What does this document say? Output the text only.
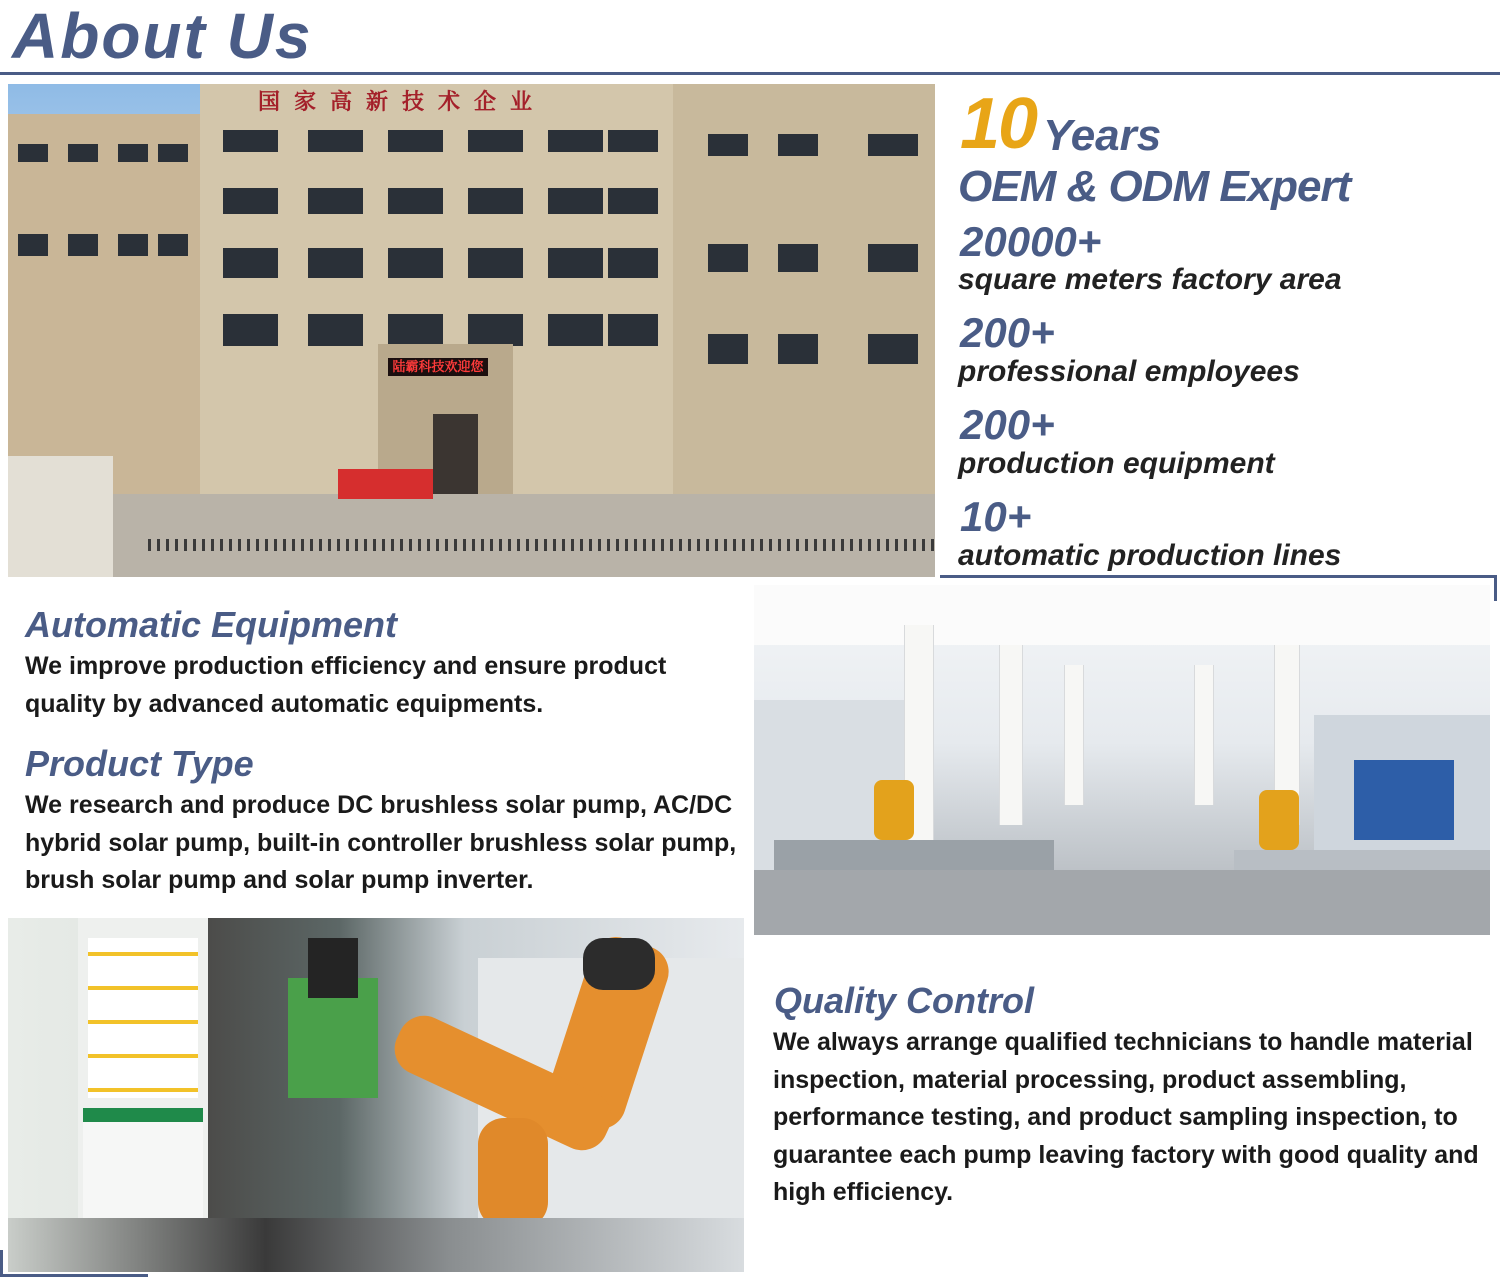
About Us
国家高新技术企业
陆霸科技欢迎您
10 Years
OEM & ODM Expert
20000+
square meters factory area
200+
professional employees
200+
production equipment
10+
automatic production lines
Automatic Equipment
We improve production efficiency and ensure product quality by advanced automatic equipments.
Product Type
We research and produce DC brushless solar pump, AC/DC hybrid solar pump, built-in controller brushless solar pump, brush solar pump and solar pump inverter.
Quality Control
We always arrange qualified technicians to handle material inspection, material processing, product assembling, performance testing, and product sampling inspection, to guarantee each pump leaving factory with good quality and high efficiency.
